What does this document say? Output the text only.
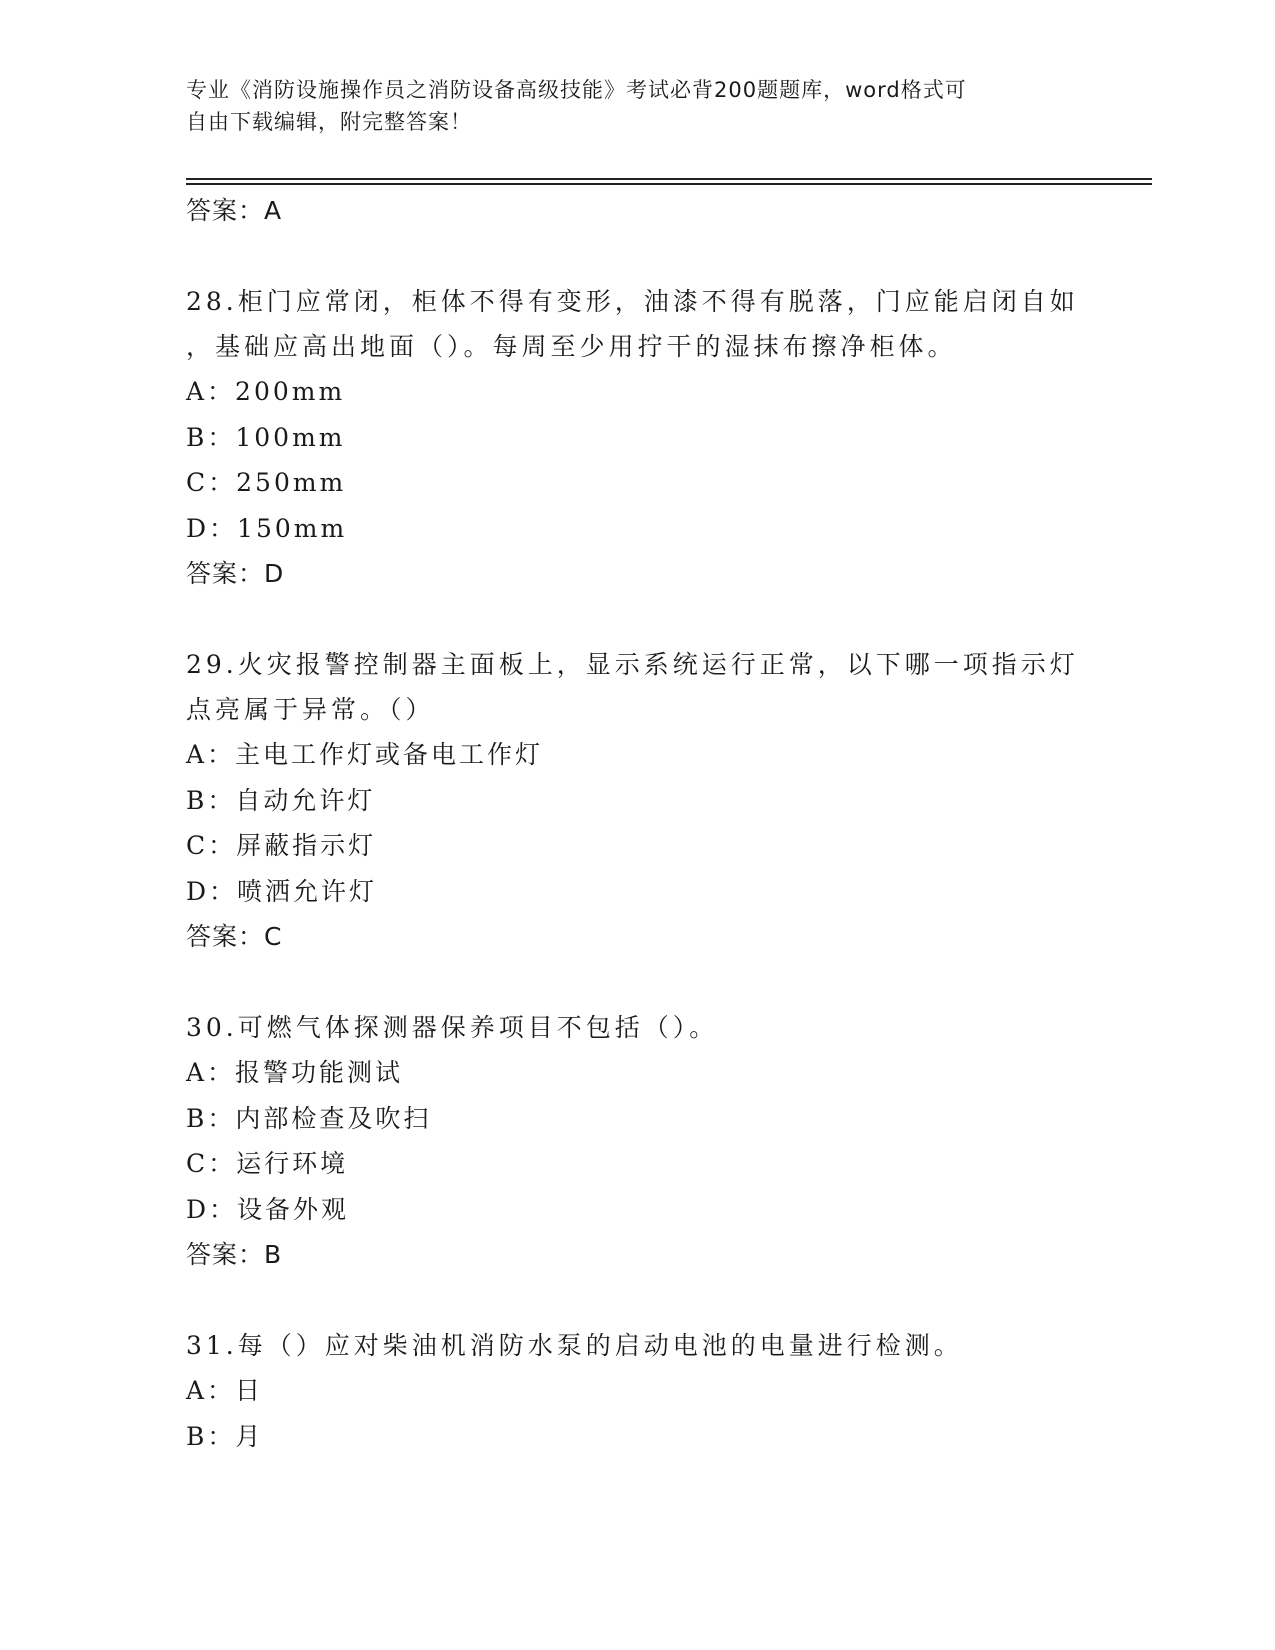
专业《消防设施操作员之消防设备高级技能》考试必背200题题库，word格式可
自由下载编辑，附完整答案！
答案：A
28.柜门应常闭，柜体不得有变形，油漆不得有脱落，门应能启闭自如
，基础应高出地面（）。每周至少用拧干的湿抹布擦净柜体。
A：200mm
B：100mm
C：250mm
D：150mm
答案：D
29.火灾报警控制器主面板上，显示系统运行正常，以下哪一项指示灯
点亮属于异常。（）
A：主电工作灯或备电工作灯
B：自动允许灯
C：屏蔽指示灯
D：喷洒允许灯
答案：C
30.可燃气体探测器保养项目不包括（）。
A：报警功能测试
B：内部检查及吹扫
C：运行环境
D：设备外观
答案：B
31.每（）应对柴油机消防水泵的启动电池的电量进行检测。
A：日
B：月
